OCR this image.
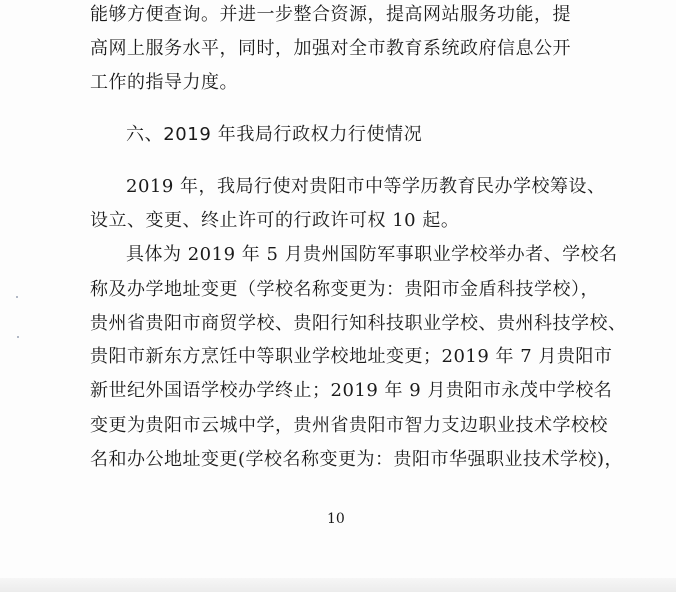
能够方便查询。并进一步整合资源，提高网站服务功能，提
高网上服务水平，同时，加强对全市教育系统政府信息公开
工作的指导力度。
六、2019 年我局行政权力行使情况
2019 年，我局行使对贵阳市中等学历教育民办学校筹设、
设立、变更、终止许可的行政许可权 10 起。
具体为 2019 年 5 月贵州国防军事职业学校举办者、学校名
称及办学地址变更（学校名称变更为：贵阳市金盾科技学校），
贵州省贵阳市商贸学校、贵阳行知科技职业学校、贵州科技学校、
贵阳市新东方烹饪中等职业学校地址变更；2019 年 7 月贵阳市
新世纪外国语学校办学终止；2019 年 9 月贵阳市永茂中学校名
变更为贵阳市云城中学，贵州省贵阳市智力支边职业技术学校校
名和办公地址变更(学校名称变更为：贵阳市华强职业技术学校)，
10
